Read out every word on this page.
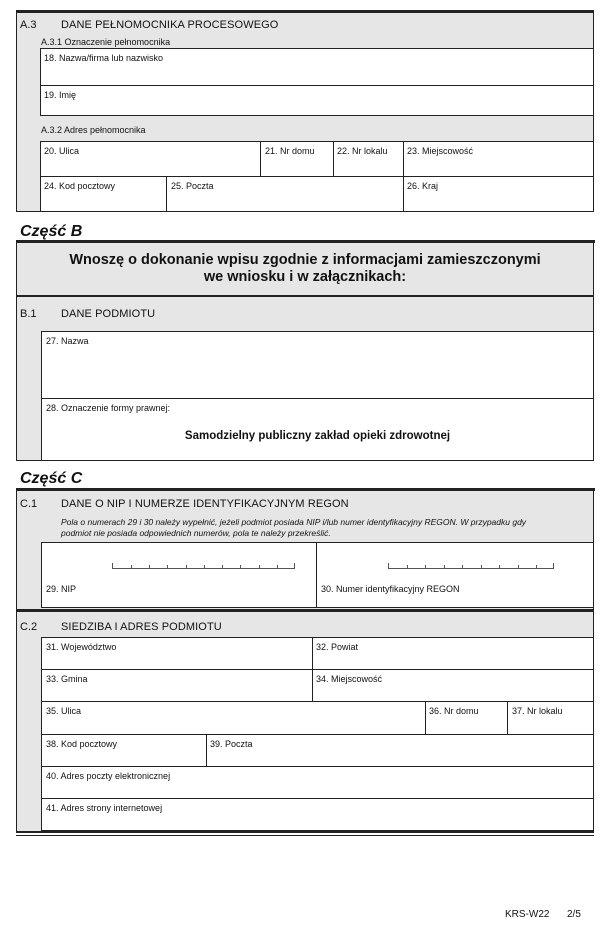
A.3 DANE PEŁNOMOCNIKA PROCESOWEGO
A.3.1 Oznaczenie pełnomocnika
18. Nazwa/firma lub nazwisko
19. Imię
A.3.2 Adres pełnomocnika
20. Ulica	21. Nr domu 22. Nr lokalu 23. Miejscowość
24. Kod pocztowy	25. Poczta	26. Kraj
Część B
Wnoszę o dokonanie wpisu zgodnie z informacjami zamieszczonymi
we wniosku i w załącznikach:
B.1 DANE PODMIOTU
27. Nazwa
28. Oznaczenie formy prawnej:
Samodzielny publiczny zakład opieki zdrowotnej
Część C
C.1 DANE O NIP I NUMERZE IDENTYFIKACYJNYM REGON
Pola o numerach 29 i 30 należy wypełnić, jeżeli podmiot posiada NIP i/lub numer identyfikacyjny REGON. W przypadku gdy
podmiot nie posiada odpowiednich numerów, pola te należy przekreślić.
29. NIP	30. Numer identyfikacyjny REGON
C.2 SIEDZIBA I ADRES PODMIOTU
31. Województwo	32. Powiat
33. Gmina	34. Miejscowość
35. Ulica	36. Nr domu	37. Nr lokalu
38. Kod pocztowy	39. Poczta
40. Adres poczty elektronicznej
41. Adres strony internetowej
KRS-W22 2/5
